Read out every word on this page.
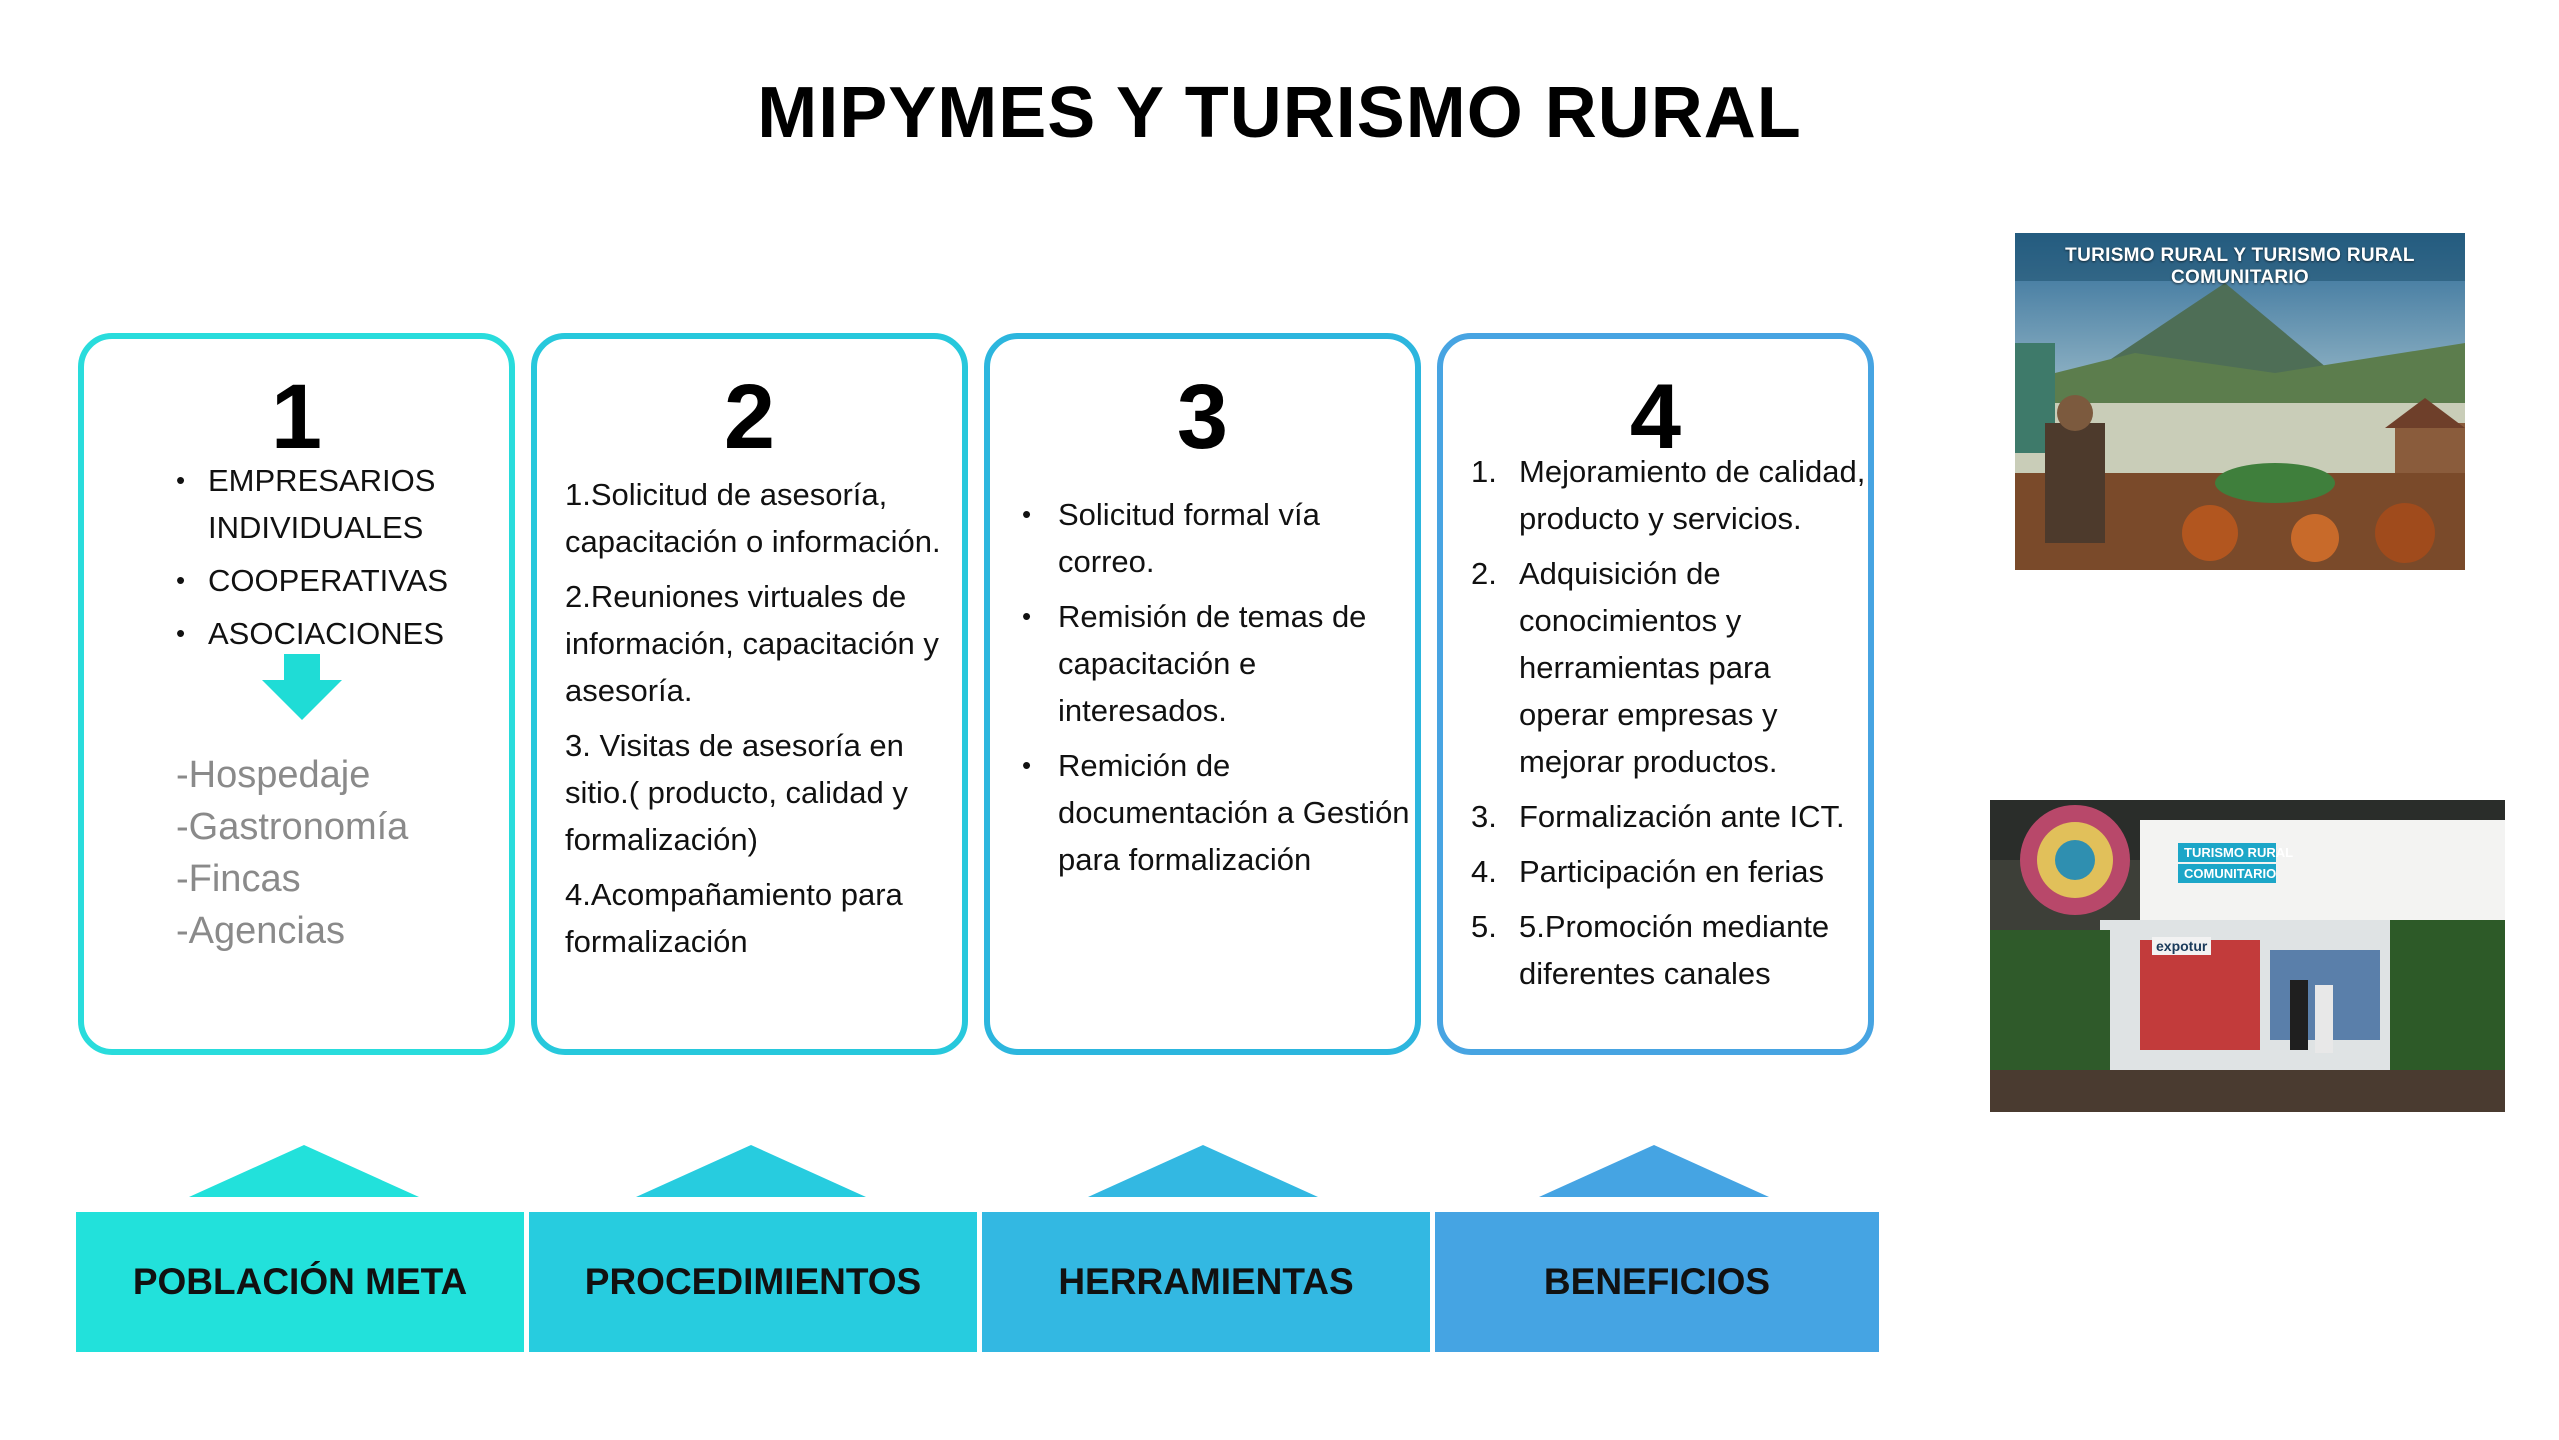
MIPYMES Y TURISMO RURAL
1
• EMPRESARIOS INDIVIDUALES
• COOPERATIVAS
• ASOCIACIONES
-Hospedaje
-Gastronomía
-Fincas
-Agencias
2
1.Solicitud de asesoría, capacitación o información.
2.Reuniones virtuales de información, capacitación y asesoría.
3. Visitas de asesoría en sitio.( producto, calidad y formalización)
4.Acompañamiento para formalización
3
• Solicitud formal vía correo.
• Remisión de temas de capacitación e interesados.
• Remición de documentación a Gestión para formalización
4
1. Mejoramiento de calidad, producto y servicios.
2. Adquisición de conocimientos y herramientas para operar empresas y mejorar productos.
3. Formalización ante ICT.
4. Participación en ferias
5. 5.Promoción mediante diferentes canales
POBLACIÓN META	PROCEDIMIENTOS	HERRAMIENTAS	BENEFICIOS
TURISMO RURAL Y TURISMO RURAL COMUNITARIO
TURISMO RURAL
COMUNITARIO
expotur
